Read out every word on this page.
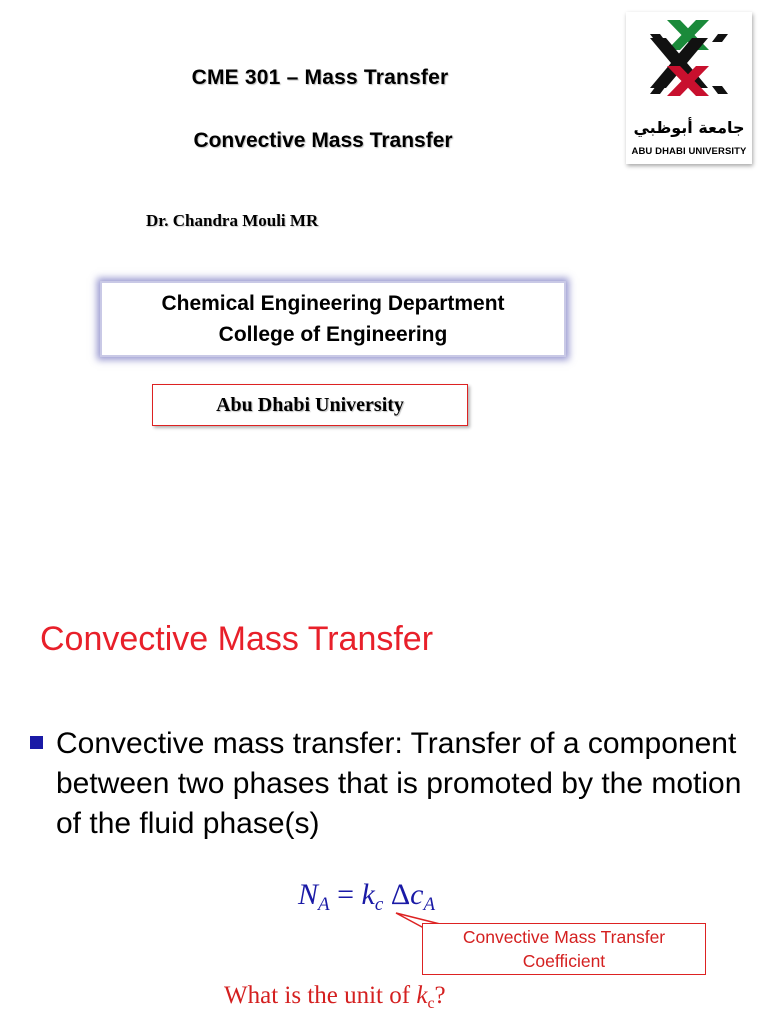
CME 301 – Mass Transfer
Convective Mass Transfer
Dr. Chandra Mouli MR
Chemical Engineering Department
College of Engineering
Abu Dhabi University
جامعة أبوظبي
ABU DHABI UNIVERSITY
Convective Mass Transfer
Convective mass transfer: Transfer of a component between two phases that is promoted by the motion of the fluid phase(s)
$N_A = k_c$ $\Delta c_A$
Convective Mass Transfer
Coefficient
What is the unit of $k_c$?
